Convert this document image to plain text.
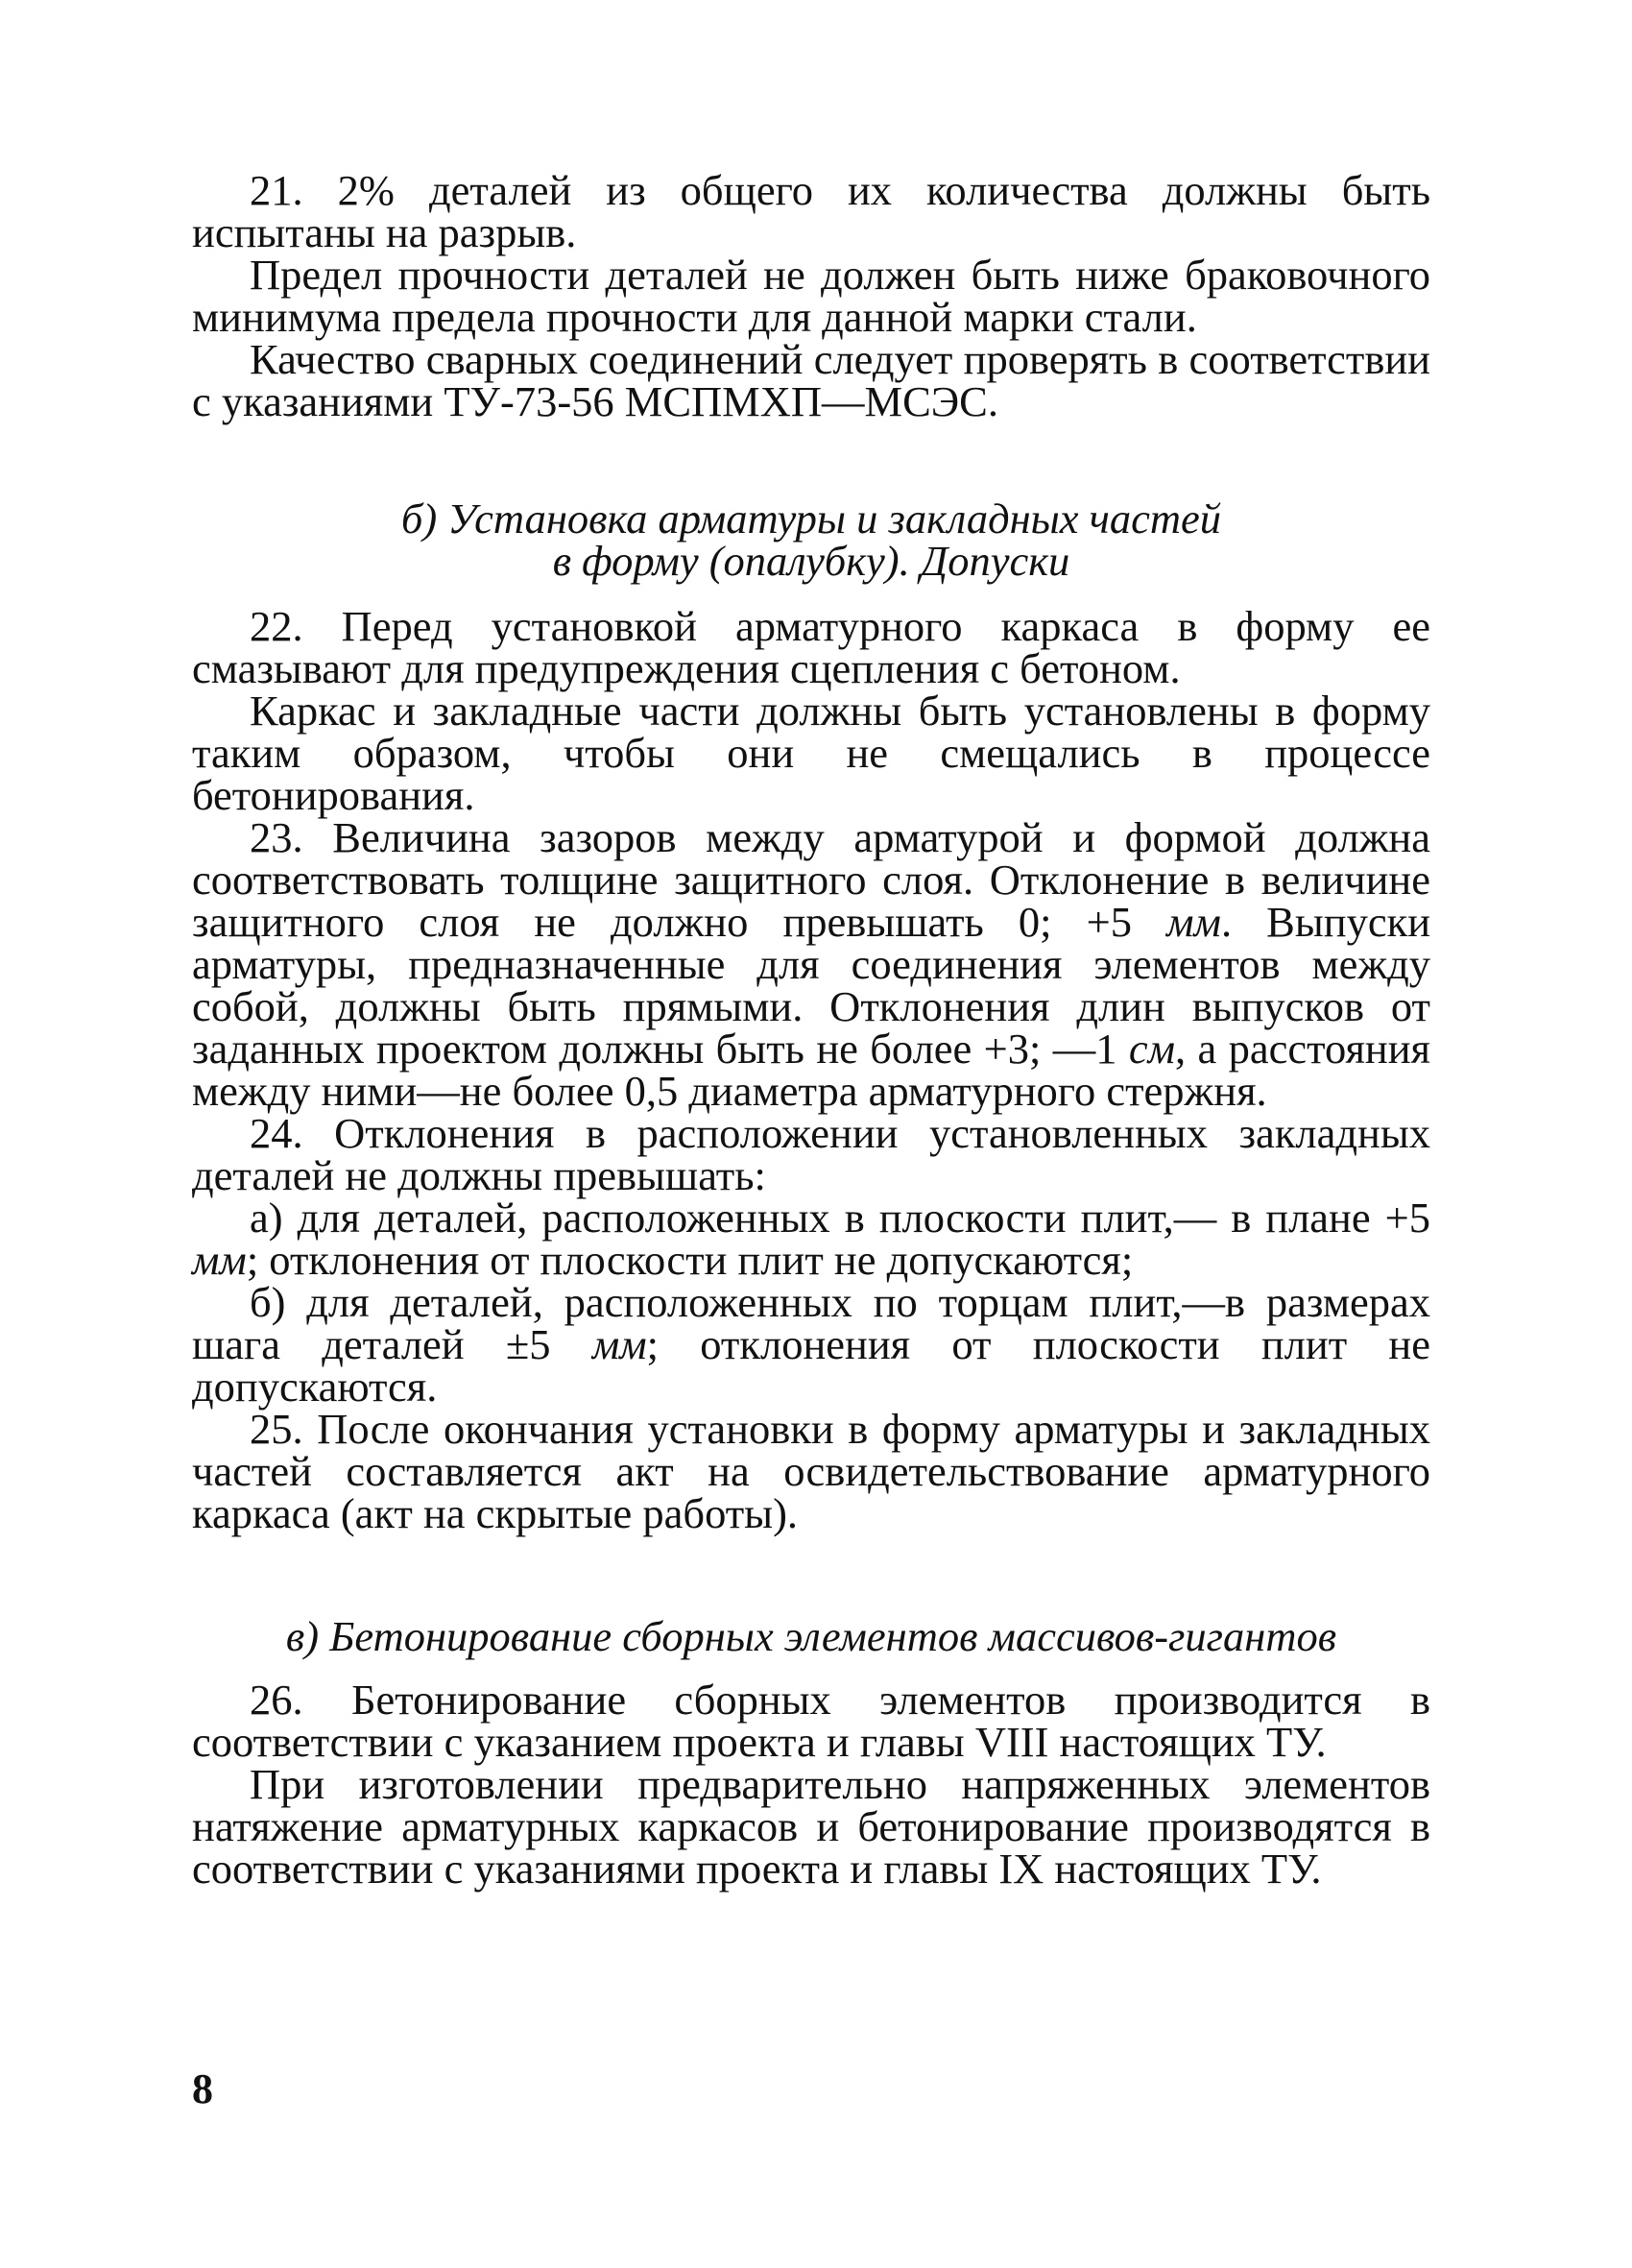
21. 2% деталей из общего их количества должны быть испытаны на разрыв.

Предел прочности деталей не должен быть ниже браковочного минимума предела прочности для данной марки стали.

Качество сварных соединений следует проверять в соответствии с указаниями ТУ-73-56 МСПМХП—МСЭС.

б) Установка арматуры и закладных частей
в форму (опалубку). Допуски

22. Перед установкой арматурного каркаса в форму ее смазывают для предупреждения сцепления с бетоном.

Каркас и закладные части должны быть установлены в форму таким образом, чтобы они не смещались в процессе бетонирования.

23. Величина зазоров между арматурой и формой должна соответствовать толщине защитного слоя. Отклонение в величине защитного слоя не должно превышать 0; +5 мм. Выпуски арматуры, предназначенные для соединения элементов между собой, должны быть прямыми. Отклонения длин выпусков от заданных проектом должны быть не более +3; —1 см, а расстояния между ними—не более 0,5 диаметра арматурного стержня.

24. Отклонения в расположении установленных закладных деталей не должны превышать:

а) для деталей, расположенных в плоскости плит,— в плане +5 мм; отклонения от плоскости плит не допускаются;

б) для деталей, расположенных по торцам плит,—в размерах шага деталей ±5 мм; отклонения от плоскости плит не допускаются.

25. После окончания установки в форму арматуры и закладных частей составляется акт на освидетельствование арматурного каркаса (акт на скрытые работы).

в) Бетонирование сборных элементов массивов-гигантов

26. Бетонирование сборных элементов производится в соответствии с указанием проекта и главы VIII настоящих ТУ.

При изготовлении предварительно напряженных элементов натяжение арматурных каркасов и бетонирование производятся в соответствии с указаниями проекта и главы IX настоящих ТУ.

8
